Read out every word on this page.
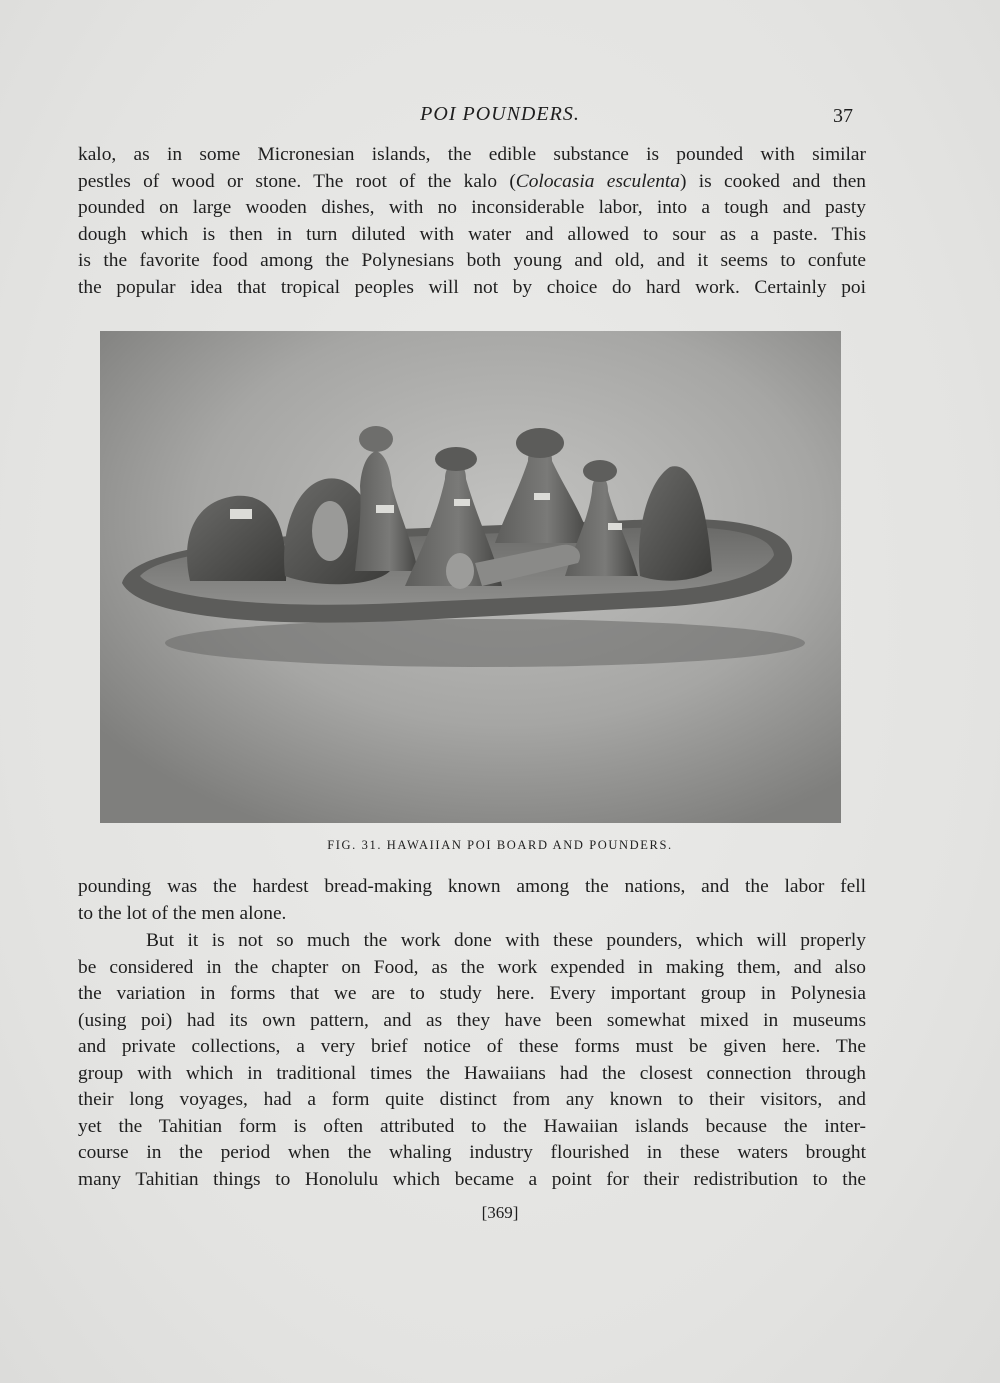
POI POUNDERS.	37
kalo, as in some Micronesian islands, the edible substance is pounded with similar
pestles of wood or stone. The root of the kalo (Colocasia esculenta) is cooked and then
pounded on large wooden dishes, with no inconsiderable labor, into a tough and pasty
dough which is then in turn diluted with water and allowed to sour as a paste. This
is the favorite food among the Polynesians both young and old, and it seems to confute
the popular idea that tropical peoples will not by choice do hard work. Certainly poi
FIG. 31. HAWAIIAN POI BOARD AND POUNDERS.
pounding was the hardest bread-making known among the nations, and the labor fell
to the lot of the men alone.
But it is not so much the work done with these pounders, which will properly
be considered in the chapter on Food, as the work expended in making them, and also
the variation in forms that we are to study here. Every important group in Polynesia
(using poi) had its own pattern, and as they have been somewhat mixed in museums
and private collections, a very brief notice of these forms must be given here. The
group with which in traditional times the Hawaiians had the closest connection through
their long voyages, had a form quite distinct from any known to their visitors, and
yet the Tahitian form is often attributed to the Hawaiian islands because the inter-
course in the period when the whaling industry flourished in these waters brought
many Tahitian things to Honolulu which became a point for their redistribution to the
[369]
